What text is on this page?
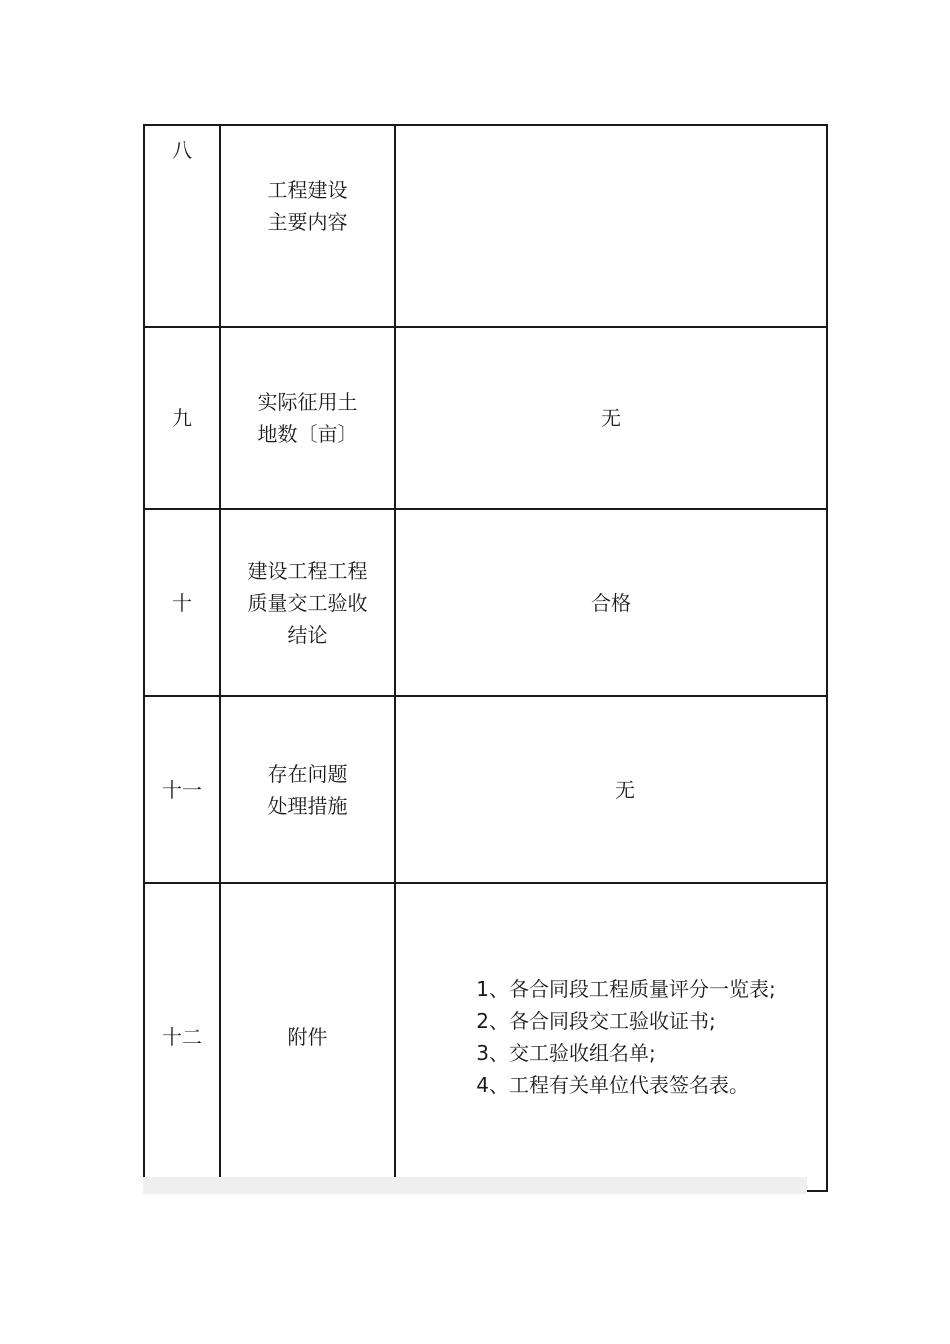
八	工程建设
主要内容	

九	实际征用土
地数〔亩〕	无
十	建设工程工程
质量交工验收
结论	合格
十一	存在问题
处理措施	无
十二	附件	1、各合同段工程质量评分一览表;
2、各合同段交工验收证书;
3、交工验收组名单;
4、工程有关单位代表签名表。
